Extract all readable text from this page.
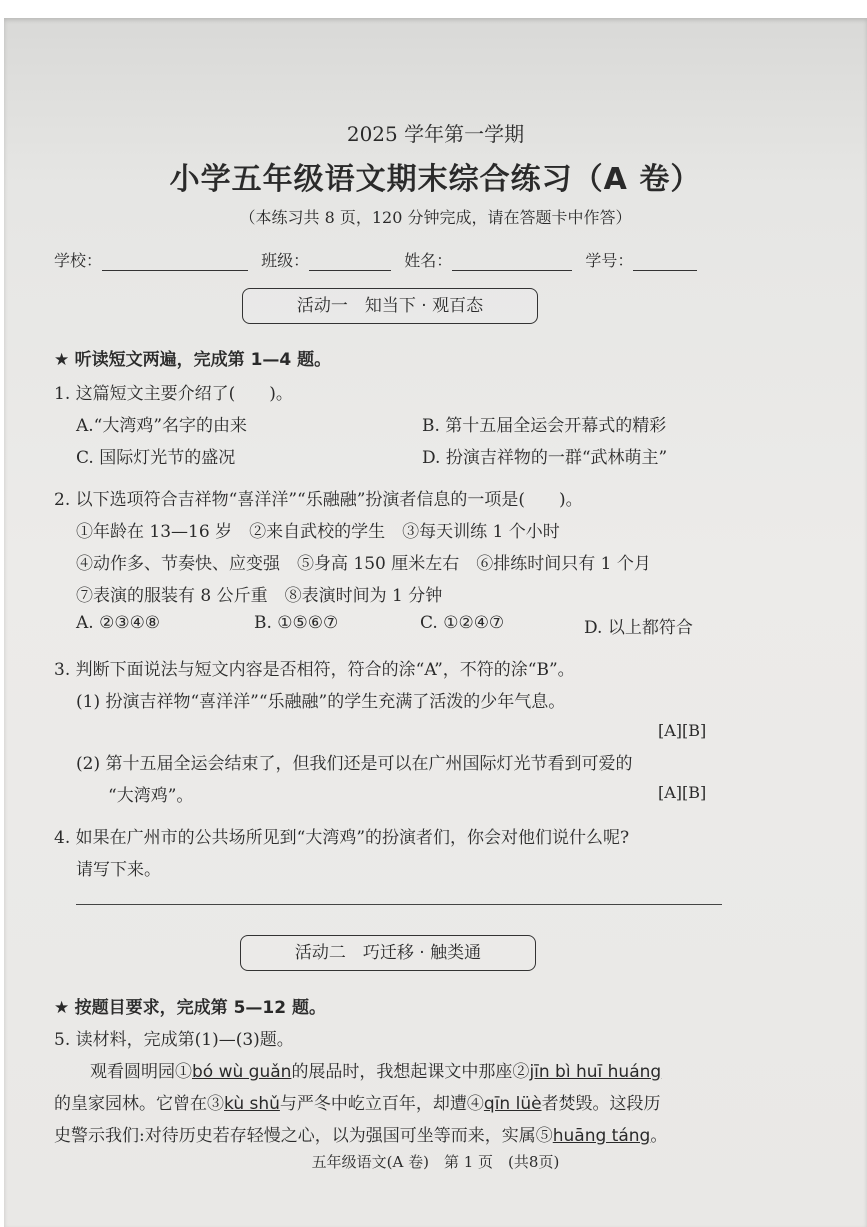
2025 学年第一学期
小学五年级语文期末综合练习（A 卷）
（本练习共 8 页，120 分钟完成，请在答题卡中作答）
学校：	班级：	姓名：	学号：
活动一　知当下 · 观百态
★ 听读短文两遍，完成第 1—4 题。
1. 这篇短文主要介绍了(　　)。
A.“大湾鸡”名字的由来	B. 第十五届全运会开幕式的精彩
C. 国际灯光节的盛况	D. 扮演吉祥物的一群“武林萌主”
2. 以下选项符合吉祥物“喜洋洋”“乐融融”扮演者信息的一项是(　　)。
①年龄在 13—16 岁　②来自武校的学生　③每天训练 1 个小时
④动作多、节奏快、应变强　⑤身高 150 厘米左右　⑥排练时间只有 1 个月
⑦表演的服装有 8 公斤重　⑧表演时间为 1 分钟
A. ②③④⑧	B. ①⑤⑥⑦	C. ①②④⑦	D. 以上都符合
3. 判断下面说法与短文内容是否相符，符合的涂“A”，不符的涂“B”。
(1) 扮演吉祥物“喜洋洋”“乐融融”的学生充满了活泼的少年气息。
[A][B]
(2) 第十五届全运会结束了，但我们还是可以在广州国际灯光节看到可爱的
“大湾鸡”。	[A][B]
4. 如果在广州市的公共场所见到“大湾鸡”的扮演者们，你会对他们说什么呢?
请写下来。
活动二　巧迁移 · 触类通
★ 按题目要求，完成第 5—12 题。
5. 读材料，完成第(1)—(3)题。
观看圆明园①bó wù guǎn的展品时，我想起课文中那座②jīn bì huī huáng
的皇家园林。它曾在③kù shǔ与严冬中屹立百年，却遭④qīn lüè者焚毁。这段历
史警示我们:对待历史若存轻慢之心，以为强国可坐等而来，实属⑤huāng táng。
五年级语文(A 卷)　第 1 页　(共8页)
